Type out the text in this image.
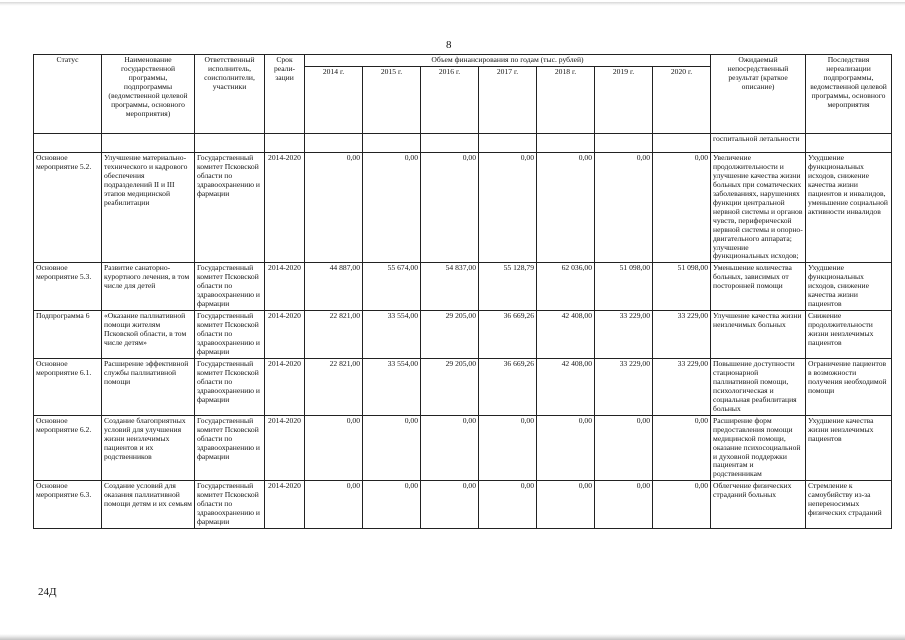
8
Статус	Наименование государственной программы, подпрограммы (ведомственной целевой программы, основного мероприятия)	Ответственный исполнитель, соисполнители, участники	Срок реали-зации	Объем финансирования по годам (тыс. рублей)							Ожидаемый непосредственный результат (краткое описание)	Последствия нереализации подпрограммы, ведомственной целевой программы, основного мероприятия
				2014 г.	2015 г.	2016 г.	2017 г.	2018 г.	2019 г.	2020 г.		
											госпитальной летальности	
Основное мероприятие 5.2.	Улучшение материально-технического и кадрового обеспечения подразделений II и III этапов медицинской реабилитации	Государственный комитет Псковской области по здравоохранению и фармации	2014-2020	0,00	0,00	0,00	0,00	0,00	0,00	0,00	Увеличение продолжительности и улучшение качества жизни больных при соматических заболеваниях, нарушениях функции центральной нервной системы и органов чувств, периферической нервной системы и опорно-двигательного аппарата; улучшение функциональных исходов;	Ухудшение функциональных исходов, снижение качества жизни пациентов и инвалидов, уменьшение социальной активности инвалидов
Основное мероприятие 5.3.	Развитие санаторно-курортного лечения, в том числе для детей	Государственный комитет Псковской области по здравоохранению и фармации	2014-2020	44 887,00	55 674,00	54 837,00	55 128,79	62 036,00	51 098,00	51 098,00	Уменьшение количества больных, зависимых от посторонней помощи	Ухудшение функциональных исходов, снижение качества жизни пациентов
Подпрограмма 6	«Оказание паллиативной помощи жителям Псковской области, в том числе детям»	Государственный комитет Псковской области по здравоохранению и фармации	2014-2020	22 821,00	33 554,00	29 205,00	36 669,26	42 408,00	33 229,00	33 229,00	Улучшение качества жизни неизлечимых больных	Снижение продолжительности жизни неизлечимых пациентов
Основное мероприятие 6.1.	Расширение эффективной службы паллиативной помощи	Государственный комитет Псковской области по здравоохранению и фармации	2014-2020	22 821,00	33 554,00	29 205,00	36 669,26	42 408,00	33 229,00	33 229,00	Повышение доступности стационарной паллиативной помощи, психологическая и социальная реабилитация больных	Ограничение пациентов в возможности получения необходимой помощи
Основное мероприятие 6.2.	Создание благоприятных условий для улучшения жизни неизлечимых пациентов и их родственников	Государственный комитет Псковской области по здравоохранению и фармации	2014-2020	0,00	0,00	0,00	0,00	0,00	0,00	0,00	Расширение форм предоставления помощи медицинской помощи, оказание психосоциальной и духовной поддержки пациентам и родственникам	Ухудшение качества жизни неизлечимых пациентов
Основное мероприятие 6.3.	Создание условий для оказания паллиативной помощи детям и их семьям	Государственный комитет Псковской области по здравоохранению и фармации	2014-2020	0,00	0,00	0,00	0,00	0,00	0,00	0,00	Облегчение физических страданий больных	Стремление к самоубийству из-за непереносимых физических страданий
24Д
